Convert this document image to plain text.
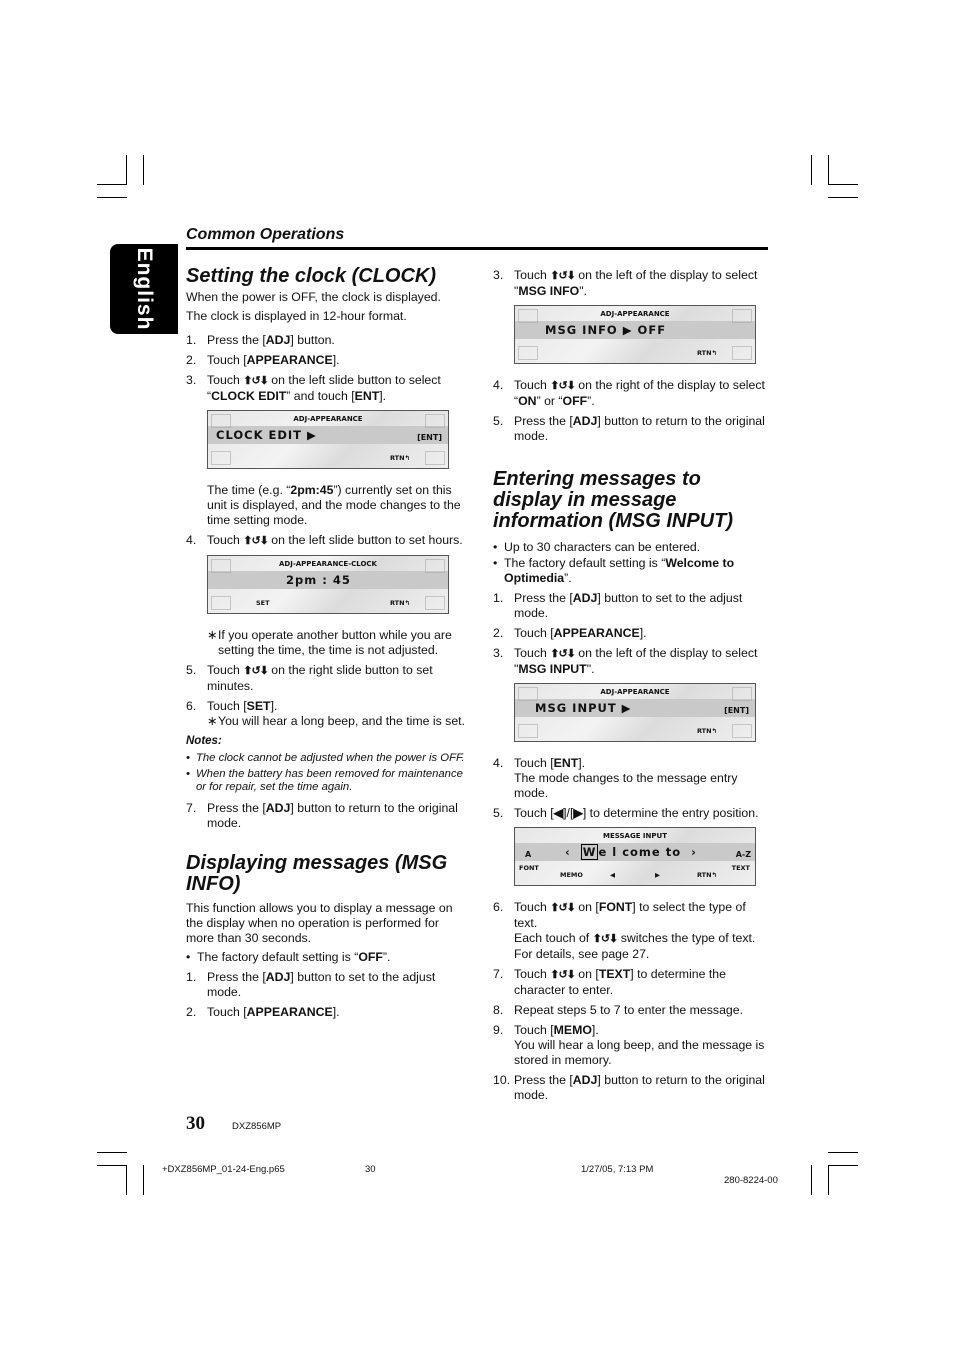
English
Common Operations
Setting the clock (CLOCK)
When the power is OFF, the clock is displayed.
The clock is displayed in 12-hour format.
1. Press the [ADJ] button.
2. Touch [APPEARANCE].
3. Touch ⬆↺⬇ on the left slide button to select “CLOCK EDIT” and touch [ENT].
ADJ-APPEARANCE
CLOCK EDIT ▶	[ENT]
RTN↰
The time (e.g. “2pm:45”) currently set on this unit is displayed, and the mode changes to the time setting mode.
4. Touch ⬆↺⬇ on the left slide button to set hours.
ADJ-APPEARANCE-CLOCK
2pm : 45
SET	RTN↰
∗ If you operate another button while you are setting the time, the time is not adjusted.
5. Touch ⬆↺⬇ on the right slide button to set minutes.
6. Touch [SET].
∗ You will hear a long beep, and the time is set.
Notes:
• The clock cannot be adjusted when the power is OFF.
• When the battery has been removed for maintenance or for repair, set the time again.
7. Press the [ADJ] button to return to the original mode.
Displaying messages (MSG INFO)
This function allows you to display a message on the display when no operation is performed for more than 30 seconds.
• The factory default setting is “OFF”.
1. Press the [ADJ] button to set to the adjust mode.
2. Touch [APPEARANCE].
3. Touch ⬆↺⬇ on the left of the display to select "MSG INFO".
ADJ-APPEARANCE
MSG INFO ▶ OFF
RTN↰
4. Touch ⬆↺⬇ on the right of the display to select “ON” or “OFF”.
5. Press the [ADJ] button to return to the original mode.
Entering messages to display in message information (MSG INPUT)
• Up to 30 characters can be entered.
• The factory default setting is “Welcome to Optimedia”.
1. Press the [ADJ] button to set to the adjust mode.
2. Touch [APPEARANCE].
3. Touch ⬆↺⬇ on the left of the display to select "MSG INPUT".
ADJ-APPEARANCE
MSG INPUT ▶	[ENT]
RTN↰
4. Touch [ENT].
The mode changes to the message entry mode.
5. Touch [◀]/[▶] to determine the entry position.
MESSAGE INPUT
‹ W e l come to ›
A
FONT
A-Z
TEXT
MEMO	◀	▶	RTN↰
6. Touch ⬆↺⬇ on [FONT] to select the type of text.
Each touch of ⬆↺⬇ switches the type of text. For details, see page 27.
7. Touch ⬆↺⬇ on [TEXT] to determine the character to enter.
8. Repeat steps 5 to 7 to enter the message.
9. Touch [MEMO].
You will hear a long beep, and the message is stored in memory.
10. Press the [ADJ] button to return to the original mode.
30	DXZ856MP
+DXZ856MP_01-24-Eng.p65	30	1/27/05, 7:13 PM
280-8224-00
